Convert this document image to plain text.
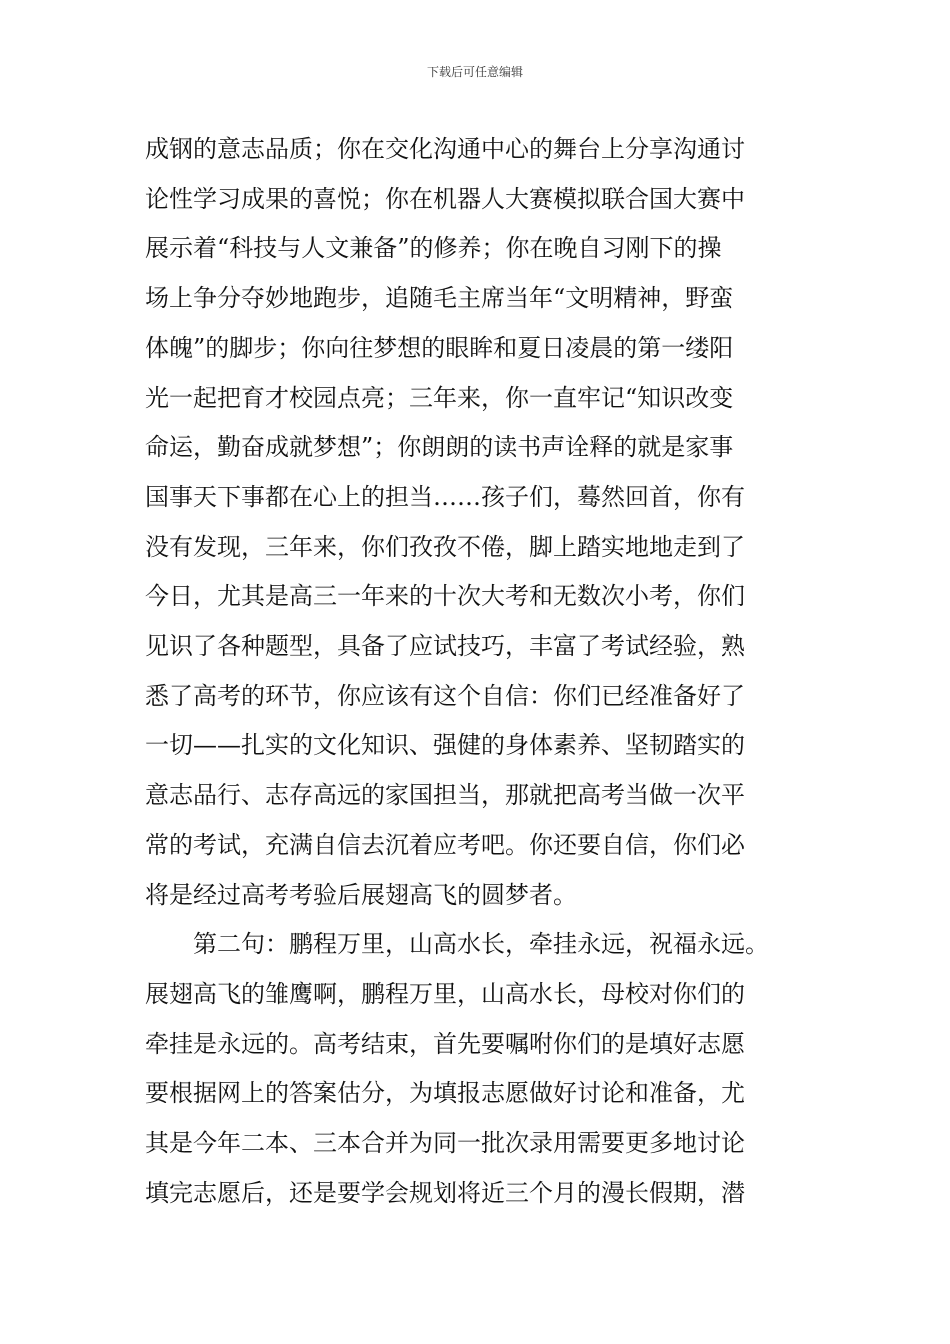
下载后可任意编辑
成钢的意志品质；你在交化沟通中心的舞台上分享沟通讨
论性学习成果的喜悦；你在机器人大赛模拟联合国大赛中
展示着“科技与人文兼备”的修养；你在晚自习刚下的操
场上争分夺妙地跑步，追随毛主席当年“文明精神，野蛮
体魄”的脚步；你向往梦想的眼眸和夏日凌晨的第一缕阳
光一起把育才校园点亮；三年来，你一直牢记“知识改变
命运，勤奋成就梦想”；你朗朗的读书声诠释的就是家事
国事天下事都在心上的担当……孩子们，蓦然回首，你有
没有发现，三年来，你们孜孜不倦，脚上踏实地地走到了
今日，尤其是高三一年来的十次大考和无数次小考，你们
见识了各种题型，具备了应试技巧，丰富了考试经验，熟
悉了高考的环节，你应该有这个自信：你们已经准备好了
一切——扎实的文化知识、强健的身体素养、坚韧踏实的
意志品行、志存高远的家国担当，那就把高考当做一次平
常的考试，充满自信去沉着应考吧。你还要自信，你们必
将是经过高考考验后展翅高飞的圆梦者。
　　第二句：鹏程万里，山高水长，牵挂永远，祝福永远。
展翅高飞的雏鹰啊，鹏程万里，山高水长，母校对你们的
牵挂是永远的。高考结束，首先要嘱咐你们的是填好志愿
要根据网上的答案估分，为填报志愿做好讨论和准备，尤
其是今年二本、三本合并为同一批次录用需要更多地讨论
填完志愿后，还是要学会规划将近三个月的漫长假期，潜
